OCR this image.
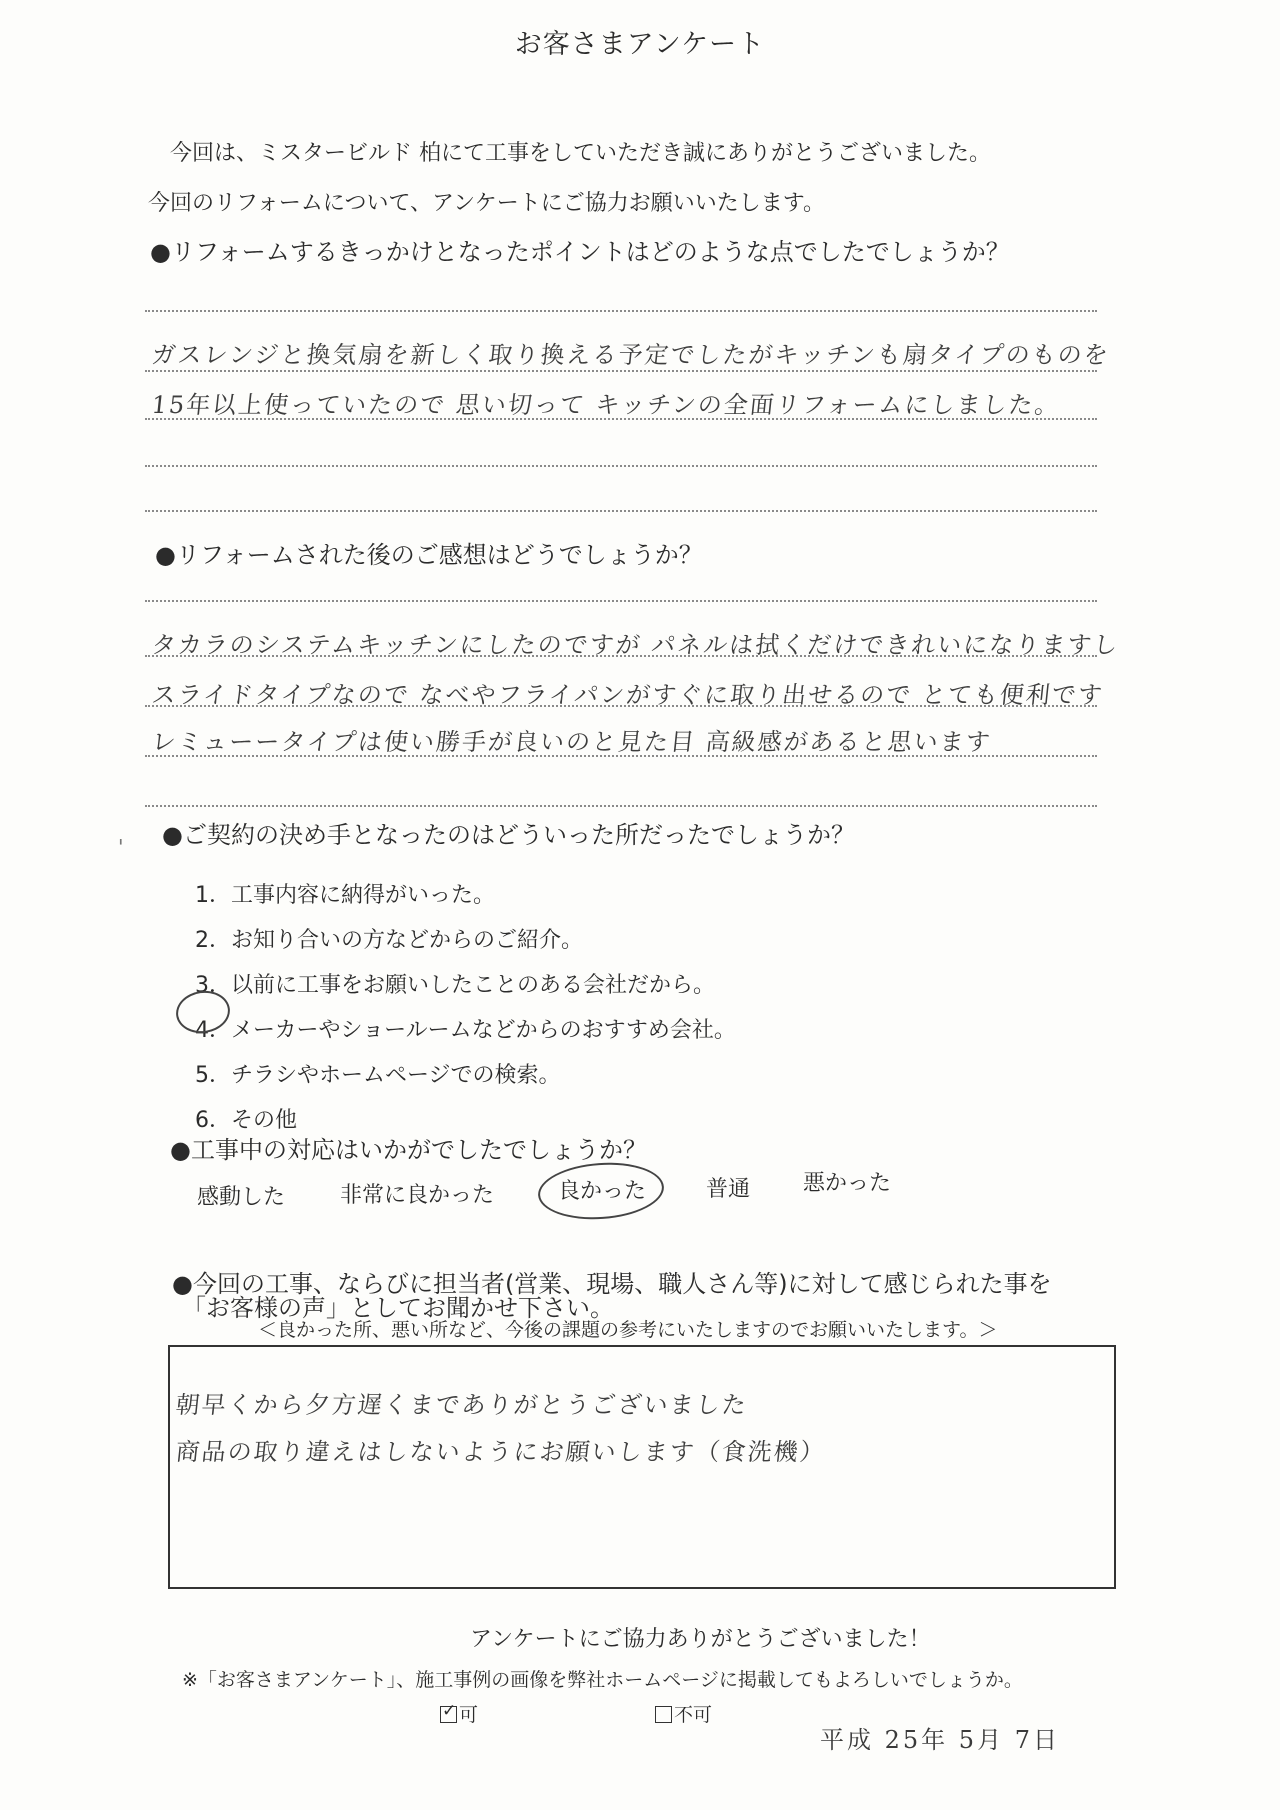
お客さまアンケート
今回は、ミスタービルド 柏にて工事をしていただき誠にありがとうございました。
今回のリフォームについて、アンケートにご協力お願いいたします。
●リフォームするきっかけとなったポイントはどのような点でしたでしょうか？
ガスレンジと換気扇を新しく取り換える予定でしたがキッチンも扇タイプのものを
15年以上使っていたので 思い切って キッチンの全面リフォームにしました。
●リフォームされた後のご感想はどうでしょうか？
タカラのシステムキッチンにしたのですが パネルは拭くだけできれいになりますし
スライドタイプなので なべやフライパンがすぐに取り出せるので とても便利です
レミューータイプは使い勝手が良いのと見た目 高級感があると思います
●ご契約の決め手となったのはどういった所だったでしょうか？
1．工事内容に納得がいった。
2．お知り合いの方などからのご紹介。
3．以前に工事をお願いしたことのある会社だから。
4．メーカーやショールームなどからのおすすめ会社。
5．チラシやホームページでの検索。
6．その他
●工事中の対応はいかがでしたでしょうか？
感動した 非常に良かった	良かった	普通 悪かった
●今回の工事、ならびに担当者(営業、現場、職人さん等)に対して感じられた事を
「お客様の声」としてお聞かせ下さい。
＜良かった所、悪い所など、今後の課題の参考にいたしますのでお願いいたします。＞
朝早くから夕方遅くまでありがとうございました
商品の取り違えはしないようにお願いします（食洗機）
アンケートにご協力ありがとうございました！
※「お客さまアンケート」、施工事例の画像を弊社ホームページに掲載してもよろしいでしょうか。
✓可	不可
平成 25年 5月 7日
'
